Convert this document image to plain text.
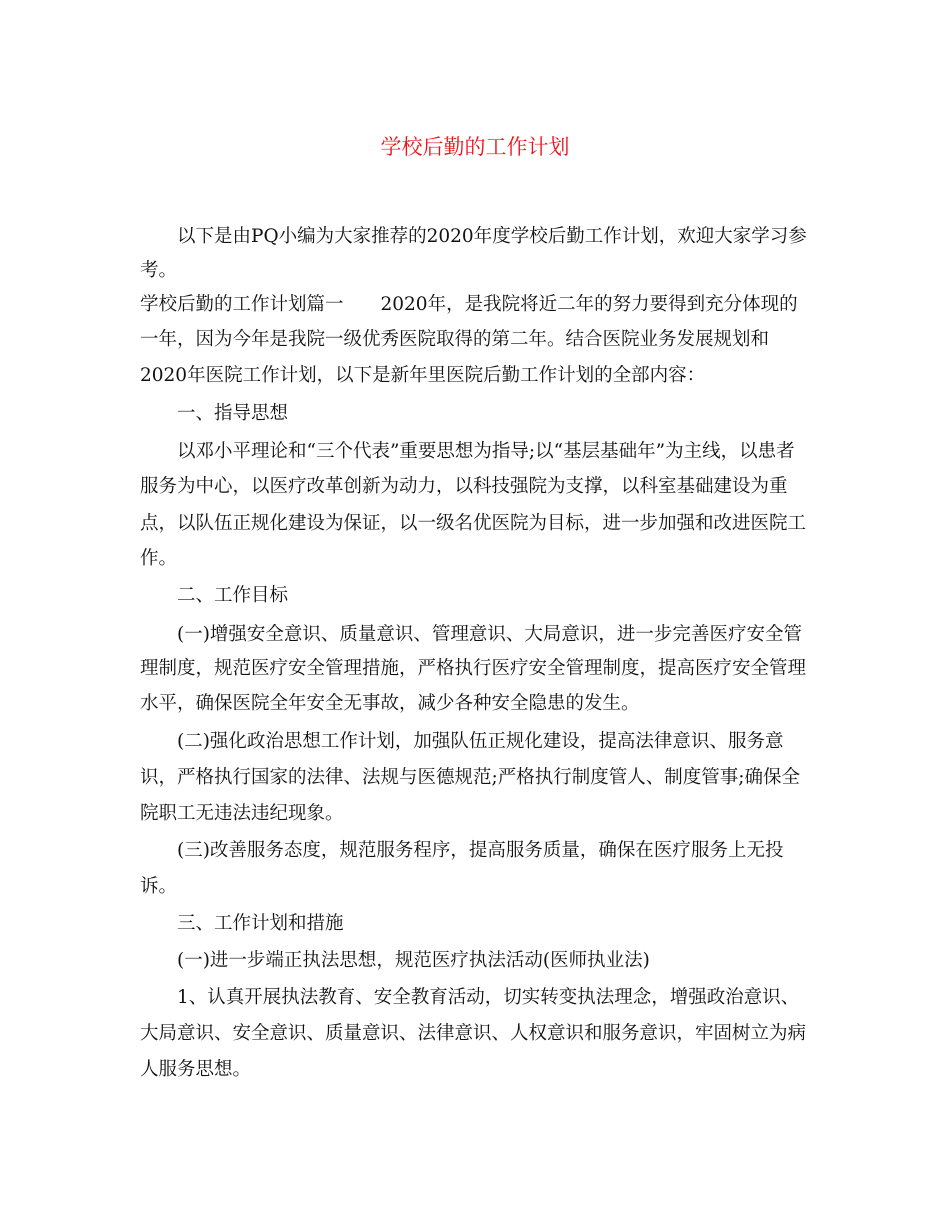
学校后勤的工作计划
以下是由PQ小编为大家推荐的2020年度学校后勤工作计划，欢迎大家学习参
考。
学校后勤的工作计划篇一　　2020年，是我院将近二年的努力要得到充分体现的
一年，因为今年是我院一级优秀医院取得的第二年。结合医院业务发展规划和
2020年医院工作计划，以下是新年里医院后勤工作计划的全部内容：
一、指导思想
以邓小平理论和“三个代表”重要思想为指导;以“基层基础年”为主线，以患者
服务为中心，以医疗改革创新为动力，以科技强院为支撑，以科室基础建设为重
点，以队伍正规化建设为保证，以一级名优医院为目标，进一步加强和改进医院工
作。
二、工作目标
(一)增强安全意识、质量意识、管理意识、大局意识，进一步完善医疗安全管
理制度，规范医疗安全管理措施，严格执行医疗安全管理制度，提高医疗安全管理
水平，确保医院全年安全无事故，减少各种安全隐患的发生。
(二)强化政治思想工作计划，加强队伍正规化建设，提高法律意识、服务意
识，严格执行国家的法律、法规与医德规范;严格执行制度管人、制度管事;确保全
院职工无违法违纪现象。
(三)改善服务态度，规范服务程序，提高服务质量，确保在医疗服务上无投
诉。
三、工作计划和措施
(一)进一步端正执法思想，规范医疗执法活动(医师执业法)
1、认真开展执法教育、安全教育活动，切实转变执法理念，增强政治意识、
大局意识、安全意识、质量意识、法律意识、人权意识和服务意识，牢固树立为病
人服务思想。
